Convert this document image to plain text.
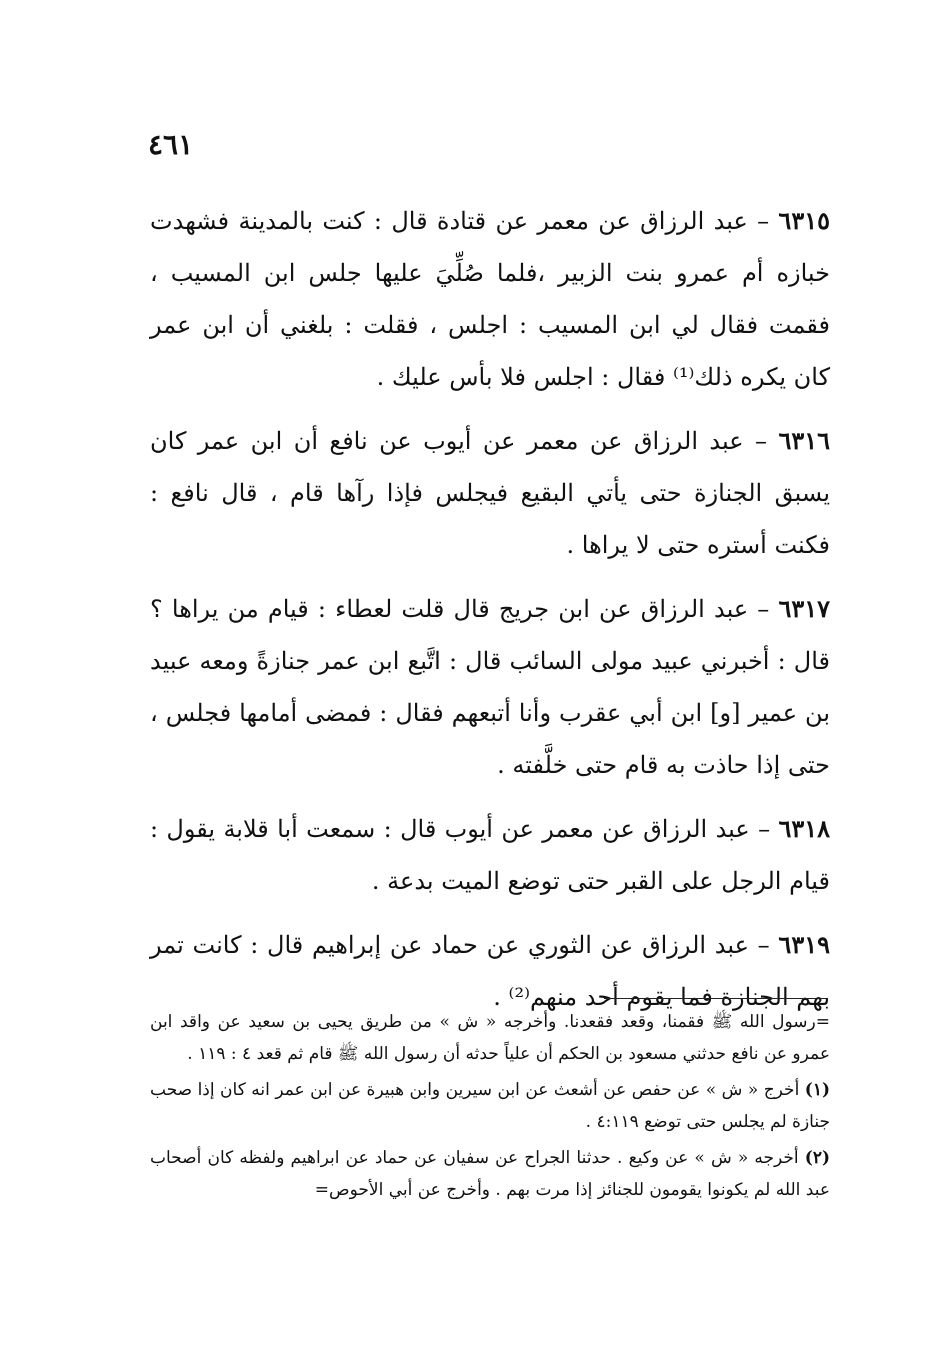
٤٦١

٦٣١٥ – عبد الرزاق عن معمر عن قتادة قال : كنت بالمدينة فشهدت خبازه أم عمرو بنت الزبير ،فلما صُلِّيَ عليها جلس ابن المسيب ، فقمت فقال لي ابن المسيب : اجلس ، فقلت : بلغني أن ابن عمر كان يكره ذلك⁽¹⁾ فقال : اجلس فلا بأس عليك .

٦٣١٦ – عبد الرزاق عن معمر عن أيوب عن نافع أن ابن عمر كان يسبق الجنازة حتى يأتي البقيع فيجلس فإذا رآها قام ، قال نافع : فكنت أستره حتى لا يراها .

٦٣١٧ – عبد الرزاق عن ابن جريج قال قلت لعطاء : قيام من يراها ؟ قال : أخبرني عبيد مولى السائب قال : اتَّبع ابن عمر جنازةً ومعه عبيد بن عمير [و] ابن أبي عقرب وأنا أتبعهم فقال : فمضى أمامها فجلس ، حتى إذا حاذت به قام حتى خلَّفته .

٦٣١٨ – عبد الرزاق عن معمر عن أيوب قال : سمعت أبا قلابة يقول : قيام الرجل على القبر حتى توضع الميت بدعة .

٦٣١٩ – عبد الرزاق عن الثوري عن حماد عن إبراهيم قال : كانت تمر بهم الجنازة فما يقوم أحد منهم⁽²⁾ .

=رسول الله ﷺ فقمنا، وقعد فقعدنا. وأخرجه « ش » من طريق يحيى بن سعيد عن واقد ابن عمرو عن نافع حدثني مسعود بن الحكم أن علياً حدثه أن رسول الله ﷺ قام ثم قعد ٤ : ١١٩ .

(١) أخرج « ش » عن حفص عن أشعث عن ابن سيرين وابن هبيرة عن ابن عمر انه كان إذا صحب جنازة لم يجلس حتى توضع ٤:١١٩ .

(٢) أخرجه « ش » عن وكيع . حدثنا الجراح عن سفيان عن حماد عن ابراهيم ولفظه كان أصحاب عبد الله لم يكونوا يقومون للجنائز إذا مرت بهم . وأخرج عن أبي الأحوص=
